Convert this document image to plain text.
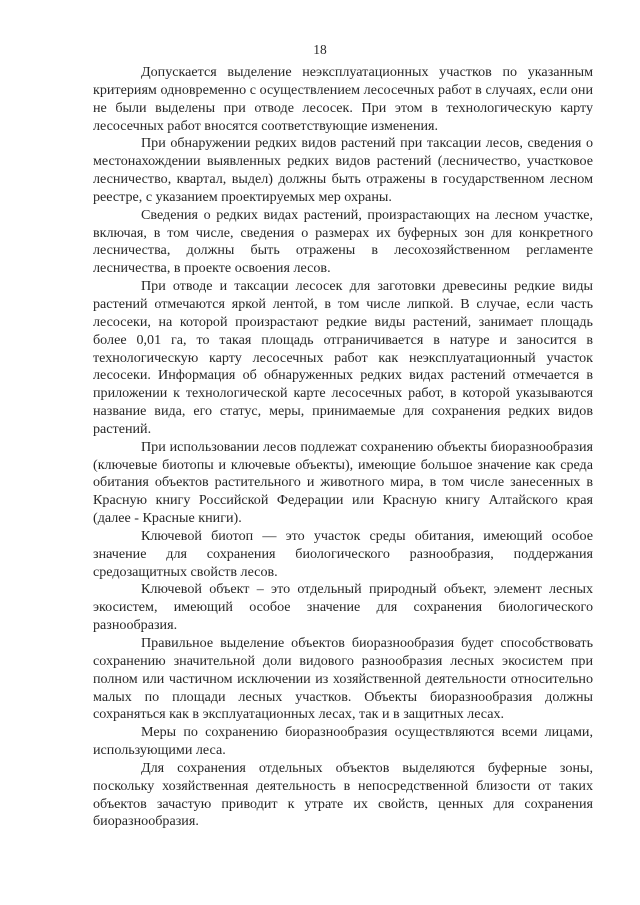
18

Допускается выделение неэксплуатационных участков по указанным критериям одновременно с осуществлением лесосечных работ в случаях, если они не были выделены при отводе лесосек. При этом в технологическую карту лесосечных работ вносятся соответствующие изменения.

При обнаружении редких видов растений при таксации лесов, сведения о местонахождении выявленных редких видов растений (лесничество, участковое лесничество, квартал, выдел) должны быть отражены в государственном лесном реестре, с указанием проектируемых мер охраны.

Сведения о редких видах растений, произрастающих на лесном участке, включая, в том числе, сведения о размерах их буферных зон для конкретного лесничества, должны быть отражены в лесохозяйственном регламенте лесничества, в проекте освоения лесов.

При отводе и таксации лесосек для заготовки древесины редкие виды растений отмечаются яркой лентой, в том числе липкой. В случае, если часть лесосеки, на которой произрастают редкие виды растений, занимает площадь более 0,01 га, то такая площадь отграничивается в натуре и заносится в технологическую карту лесосечных работ как неэксплуатационный участок лесосеки. Информация об обнаруженных редких видах растений отмечается в приложении к технологической карте лесосечных работ, в которой указываются название вида, его статус, меры, принимаемые для сохранения редких видов растений.

При использовании лесов подлежат сохранению объекты биоразнообразия (ключевые биотопы и ключевые объекты), имеющие большое значение как среда обитания объектов растительного и животного мира, в том числе занесенных в Красную книгу Российской Федерации или Красную книгу Алтайского края (далее - Красные книги).

Ключевой биотоп — это участок среды обитания, имеющий особое значение для сохранения биологического разнообразия, поддержания средозащитных свойств лесов.

Ключевой объект – это отдельный природный объект, элемент лесных экосистем, имеющий особое значение для сохранения биологического разнообразия.

Правильное выделение объектов биоразнообразия будет способствовать сохранению значительной доли видового разнообразия лесных экосистем при полном или частичном исключении из хозяйственной деятельности относительно малых по площади лесных участков. Объекты биоразнообразия должны сохраняться как в эксплуатационных лесах, так и в защитных лесах.

Меры по сохранению биоразнообразия осуществляются всеми лицами, использующими леса.

Для сохранения отдельных объектов выделяются буферные зоны, поскольку хозяйственная деятельность в непосредственной близости от таких объектов зачастую приводит к утрате их свойств, ценных для сохранения биоразнообразия.
